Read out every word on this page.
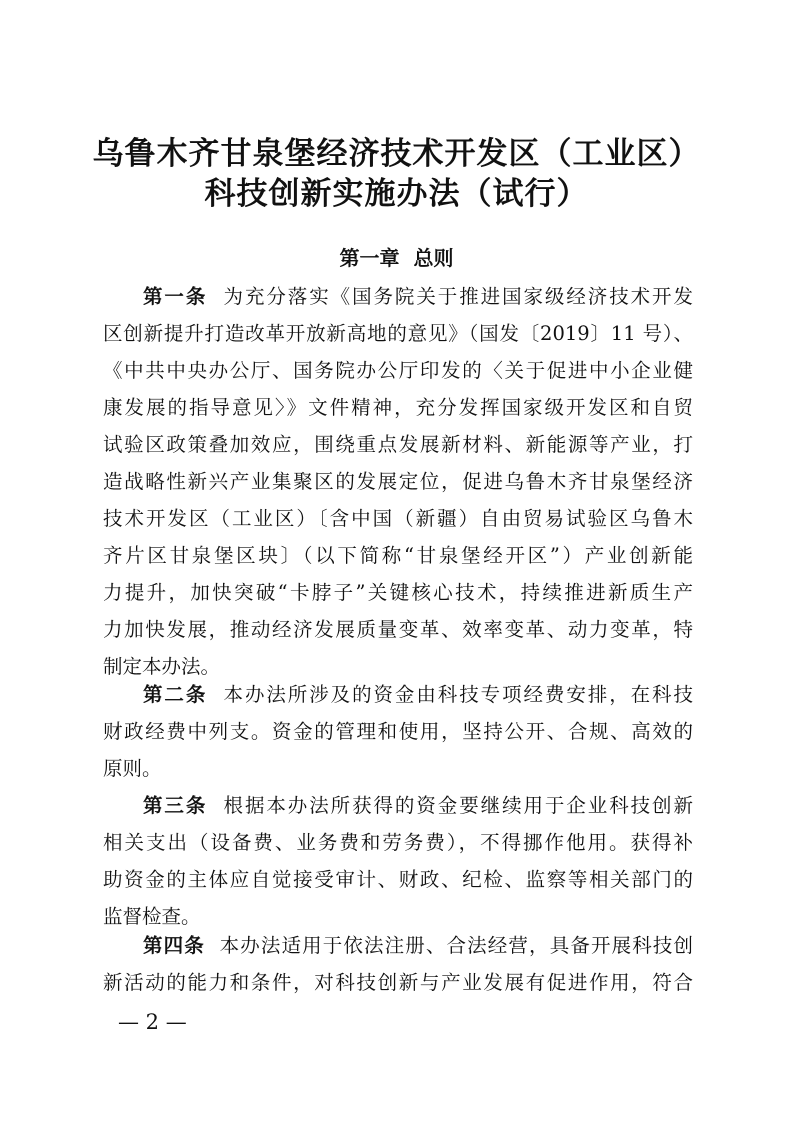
乌鲁木齐甘泉堡经济技术开发区（工业区）
科技创新实施办法（试行）
第一章  总则
第一条 为充分落实《国务院关于推进国家级经济技术开发
区创新提升打造改革开放新高地的意见》（国发〔2019〕11 号）、
《中共中央办公厅、国务院办公厅印发的〈关于促进中小企业健
康发展的指导意见〉》文件精神，充分发挥国家级开发区和自贸
试验区政策叠加效应，围绕重点发展新材料、新能源等产业，打
造战略性新兴产业集聚区的发展定位，促进乌鲁木齐甘泉堡经济
技术开发区（工业区）〔含中国（新疆）自由贸易试验区乌鲁木
齐片区甘泉堡区块〕（以下简称“甘泉堡经开区”）产业创新能
力提升，加快突破“卡脖子”关键核心技术，持续推进新质生产
力加快发展，推动经济发展质量变革、效率变革、动力变革，特
制定本办法。
第二条 本办法所涉及的资金由科技专项经费安排，在科技
财政经费中列支。资金的管理和使用，坚持公开、合规、高效的
原则。
第三条 根据本办法所获得的资金要继续用于企业科技创新
相关支出（设备费、业务费和劳务费），不得挪作他用。获得补
助资金的主体应自觉接受审计、财政、纪检、监察等相关部门的
监督检查。
第四条 本办法适用于依法注册、合法经营，具备开展科技创
新活动的能力和条件，对科技创新与产业发展有促进作用，符合
— 2 —
